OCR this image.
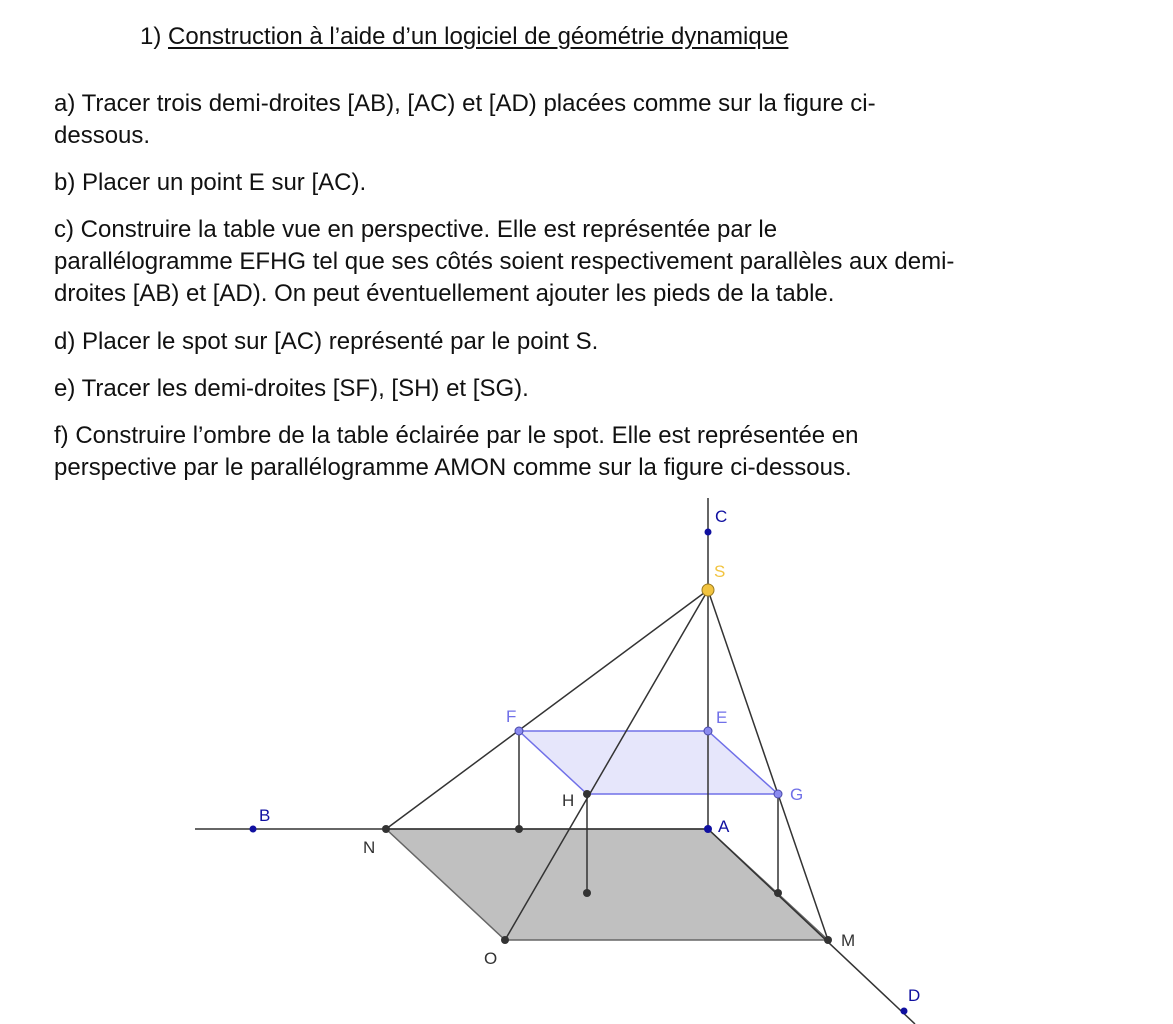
1) Construction à l’aide d’un logiciel de géométrie dynamique
a) Tracer trois demi-droites [AB), [AC) et [AD) placées comme sur la figure ci-
dessous.
b) Placer un point E sur [AC).
c) Construire la table vue en perspective. Elle est représentée par le
parallélogramme EFHG tel que ses côtés soient respectivement parallèles aux demi-
droites [AB) et [AD). On peut éventuellement ajouter les pieds de la table.
d) Placer le spot sur [AC) représenté par le point S.
e) Tracer les demi-droites [SF), [SH) et [SG).
f) Construire l’ombre de la table éclairée par le spot. Elle est représentée en
perspective par le parallélogramme AMON comme sur la figure ci-dessous.
C
S
F	E
H	G
B
A
N
O
M
D
